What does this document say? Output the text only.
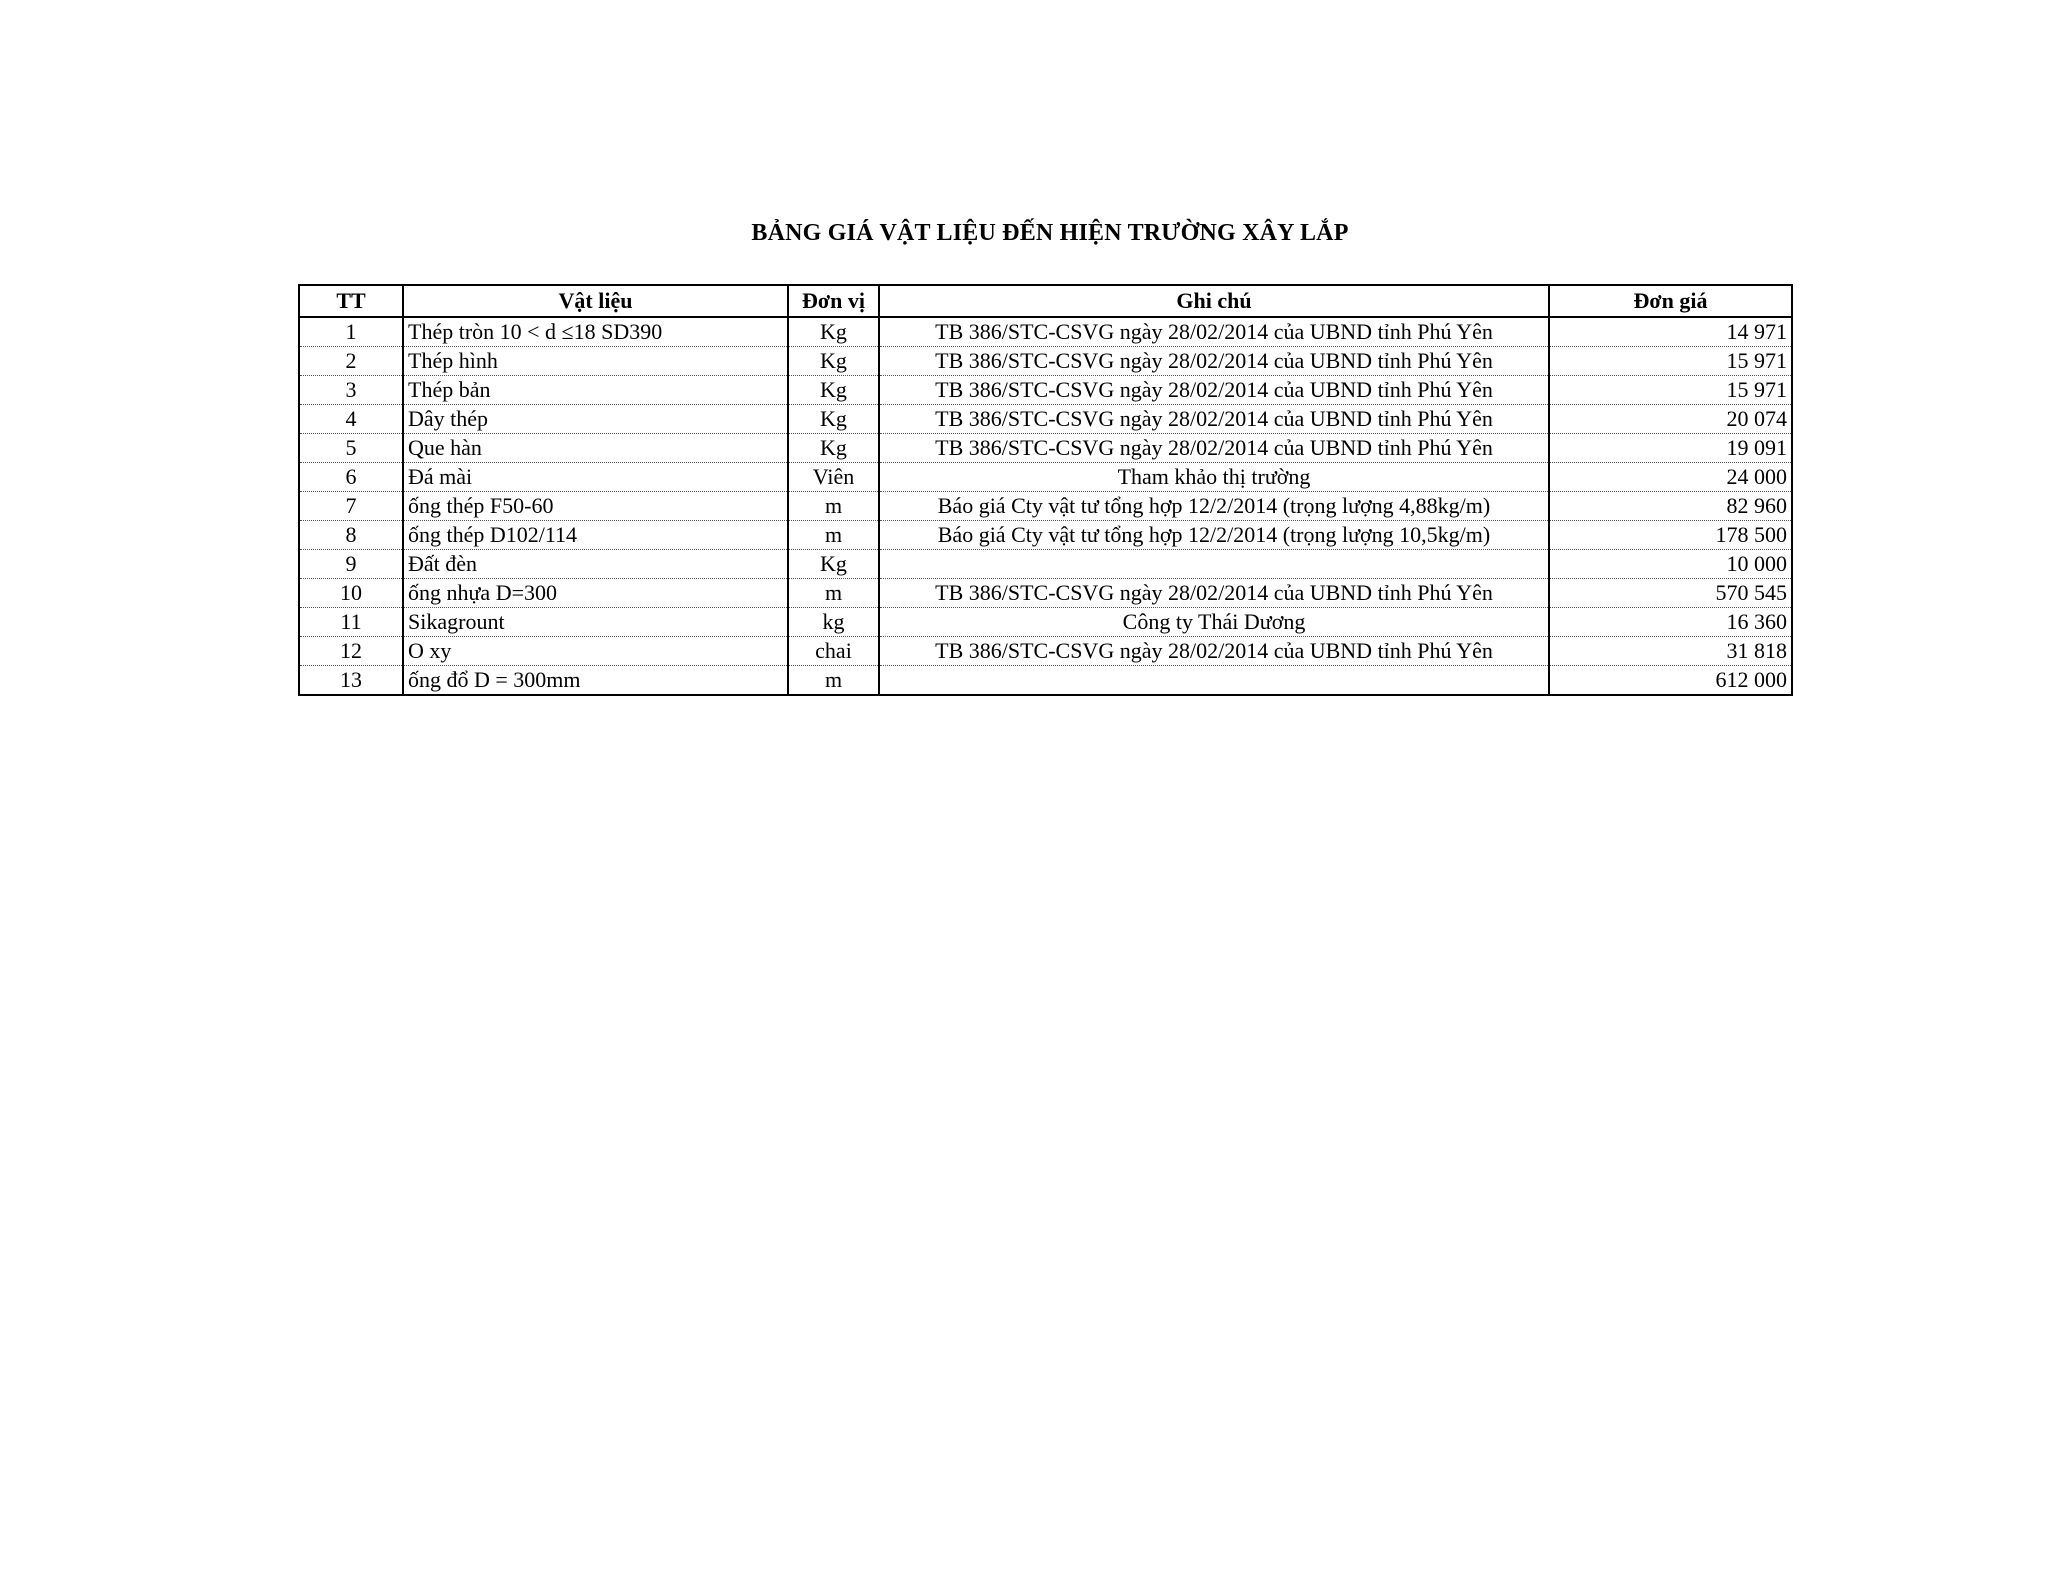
BẢNG GIÁ VẬT LIỆU ĐẾN HIỆN TRƯỜNG XÂY LẮP
TT	Vật liệu	Đơn vị	Ghi chú	Đơn giá
1	Thép tròn 10 < d ≤18 SD390	Kg	TB 386/STC-CSVG ngày 28/02/2014 của UBND tỉnh Phú Yên	14 971
2	Thép hình	Kg	TB 386/STC-CSVG ngày 28/02/2014 của UBND tỉnh Phú Yên	15 971
3	Thép bản	Kg	TB 386/STC-CSVG ngày 28/02/2014 của UBND tỉnh Phú Yên	15 971
4	Dây thép	Kg	TB 386/STC-CSVG ngày 28/02/2014 của UBND tỉnh Phú Yên	20 074
5	Que hàn	Kg	TB 386/STC-CSVG ngày 28/02/2014 của UBND tỉnh Phú Yên	19 091
6	Đá mài	Viên	Tham khảo thị trường	24 000
7	ống thép F50-60	m	Báo giá Cty vật tư tổng hợp 12/2/2014 (trọng lượng 4,88kg/m)	82 960
8	ống thép D102/114	m	Báo giá Cty vật tư tổng hợp 12/2/2014 (trọng lượng 10,5kg/m)	178 500
9	Đất đèn	Kg		10 000
10	ống nhựa D=300	m	TB 386/STC-CSVG ngày 28/02/2014 của UBND tỉnh Phú Yên	570 545
11	Sikagrount	kg	Công ty Thái Dương	16 360
12	O xy	chai	TB 386/STC-CSVG ngày 28/02/2014 của UBND tỉnh Phú Yên	31 818
13	ống đổ D = 300mm	m		612 000
